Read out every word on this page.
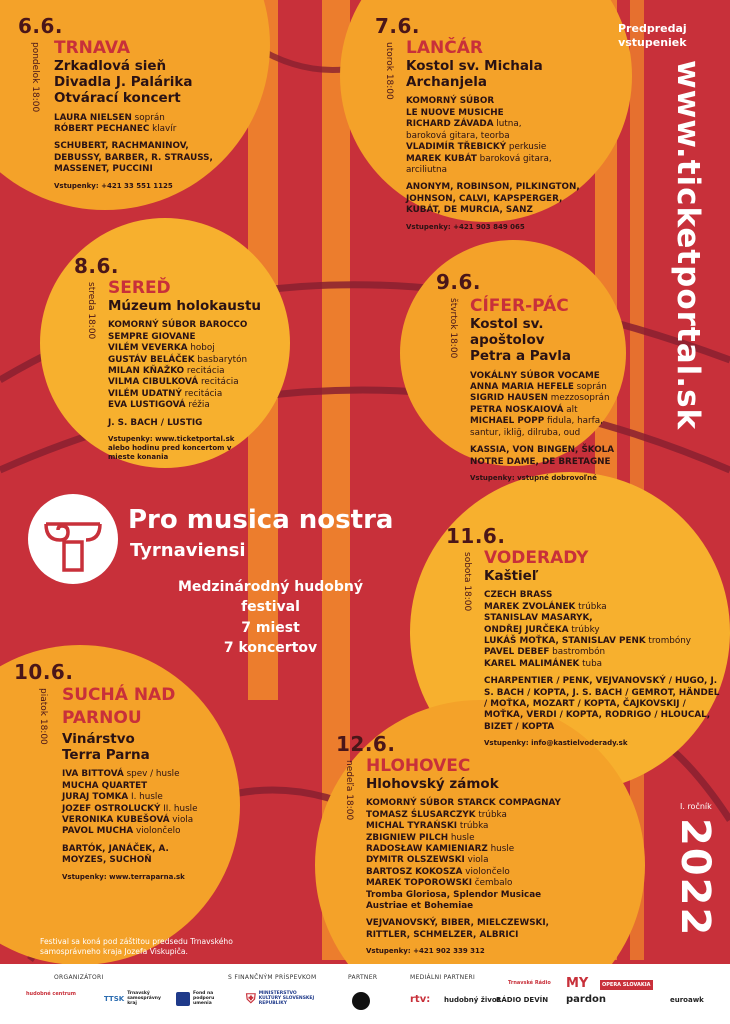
Predpredaj
vstupeniek
www.ticketportal.sk
6.6.
pondelok 18:00 TRNAVA
Zrkadlová sieň
Divadla J. Palárika
Otvárací koncert
LAURA NIELSEN soprán
RÓBERT PECHANEC klavír
SCHUBERT, RACHMANINOV, DEBUSSY, BARBER, R. STRAUSS, MASSENET, PUCCINI
Vstupenky: +421 33 551 1125
7.6.
utorok 18:00 LANČÁR
Kostol sv. Michala
Archanjela
KOMORNÝ SÚBOR
LE NUOVE MUSICHE
RICHARD ZÁVADA lutna,
baroková gitara, teorba
VLADIMÍR TŘEBICKÝ perkusie
MAREK KUBÁT baroková gitara,
arciliutna
ANONYM, ROBINSON, PILKINGTON, JOHNSON, CALVI, KAPSPERGER, KUBÁT, DE MURCIA, SANZ
Vstupenky: +421 903 849 065
8.6.
streda 18:00 SEREĎ
Múzeum holokaustu
KOMORNÝ SÚBOR BAROCCO
SEMPRE GIOVANE
VILÉM VEVERKA hoboj
GUSTÁV BELÁČEK basbarytón
MILAN KŇAŽKO recitácia
VILMA CIBULKOVÁ recitácia
VILÉM UDATNÝ recitácia
EVA LUSTIGOVÁ réžia
J. S. BACH / LUSTIG
Vstupenky: www.ticketportal.sk alebo hodinu pred koncertom v mieste konania
9.6.
štvrtok 18:00 CÍFER-PÁC
Kostol sv. apoštolov
Petra a Pavla
VOKÁLNY SÚBOR VOCAME
ANNA MARIA HEFELE soprán
SIGRID HAUSEN mezzosoprán
PETRA NOSKAIOVÁ alt
MICHAEL POPP fidula, harfa,
santur, ikliğ, dilruba, oud
KASSIA, VON BINGEN, ŠKOLA NOTRE DAME, DE BRETAGNE
Vstupenky: vstupné dobrovoľné
Pro musica nostra
Tyrnaviensi
Medzinárodný hudobný festival
7 miest
7 koncertov
11.6.
sobota 18:00 VODERADY
Kaštieľ
CZECH BRASS
MAREK ZVOLÁNEK trúbka
STANISLAV MASARYK,
ONDŘEJ JURČEKA trúbky
LUKÁŠ MOŤKA, STANISLAV PENK trombóny
PAVEL DEBEF bastrombón
KAREL MALIMÁNEK tuba
CHARPENTIER / PENK, VEJVANOVSKÝ / HUGO, J. S. BACH / KOPTA, J. S. BACH / GEMROT, HÄNDEL / MOŤKA, MOZART / KOPTA, ČAJKOVSKIJ / MOŤKA, VERDI / KOPTA, RODRIGO / HLOUCAL, BIZET / KOPTA
Vstupenky: info@kastielvoderady.sk
10.6.
piatok 18:00 SUCHÁ NAD PARNOU
Vinárstvo
Terra Parna
IVA BITTOVÁ spev / husle
MUCHA QUARTET
JURAJ TOMKA I. husle
JOZEF OSTROLUCKÝ II. husle
VERONIKA KUBEŠOVÁ viola
PAVOL MUCHA violončelo
BARTÓK, JANÁČEK, A. MOYZES, SUCHOŇ
Vstupenky: www.terraparna.sk
12.6.
nedeľa 18:00 HLOHOVEC
Hlohovský zámok
KOMORNÝ SÚBOR STARCK COMPAGNAY
TOMASZ ŚLUSARCZYK trúbka
MICHAL TYRAŃSKI trúbka
ZBIGNIEW PILCH husle
RADOSŁAW KAMIENIARZ husle
DYMITR OLSZEWSKI viola
BARTOSZ KOKOSZA violončelo
MAREK TOPOROWSKI čembalo
Tromba Gloriosa, Splendor Musicae Austriae et Bohemiae
VEJVANOVSKÝ, BIBER, MIELCZEWSKI, RITTLER, SCHMELZER, ALBRICI
Vstupenky: +421 902 339 312
I. ročník
2022
Festival sa koná pod záštitou predsedu Trnavského samosprávneho kraja Jozefa Viskupiča.
ORGANIZÁTORI	S FINANČNÝM PRÍSPEVKOM	PARTNER	MEDIÁLNI PARTNERI
hudobné centrum
TTSK
Trnavský samosprávny kraj
Fond na podporu umenia	⛨ MINISTERSTVO KULTÚRY SLOVENSKEJ REPUBLIKY
Trnavské Rádio MY	OPERA SLOVAKIA
rtv: hudobný život
RÁDIO DEVÍN pardon	euroawk
